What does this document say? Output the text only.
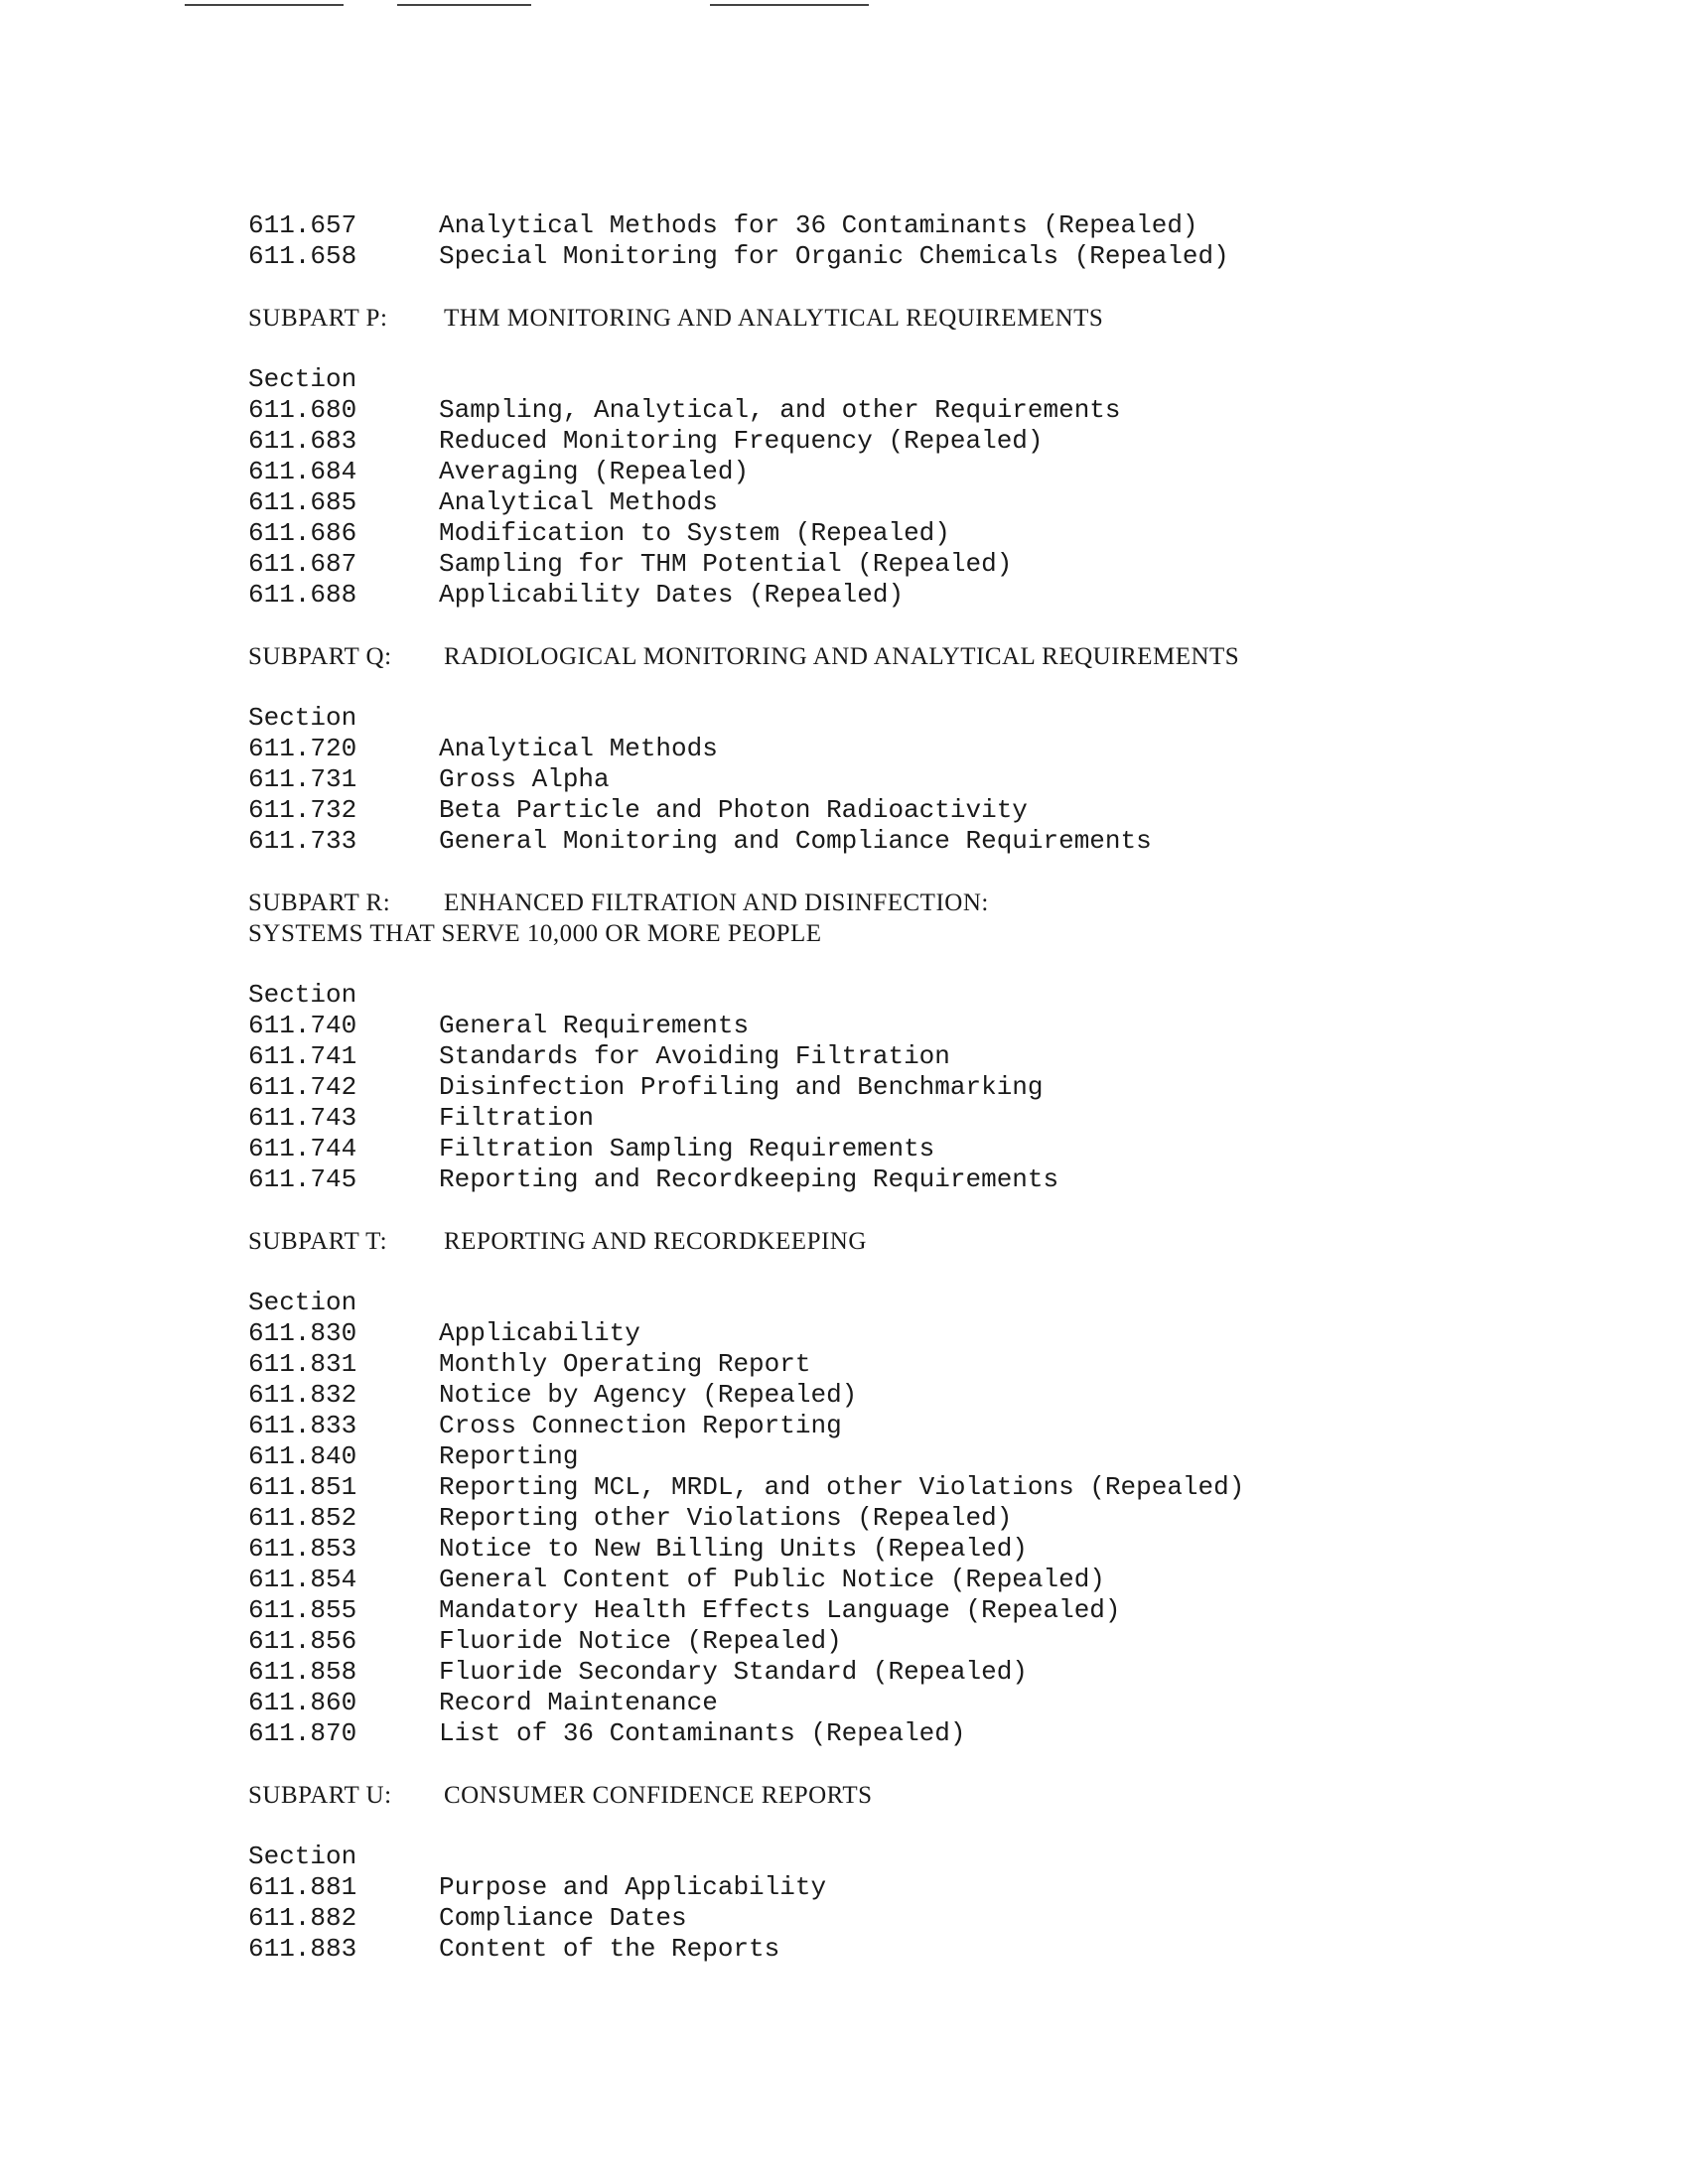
611.657	Analytical Methods for 36 Contaminants (Repealed)
611.658	Special Monitoring for Organic Chemicals (Repealed)
SUBPART P:	THM MONITORING AND ANALYTICAL REQUIREMENTS
Section
611.680	Sampling, Analytical, and other Requirements
611.683	Reduced Monitoring Frequency (Repealed)
611.684	Averaging (Repealed)
611.685	Analytical Methods
611.686	Modification to System (Repealed)
611.687	Sampling for THM Potential (Repealed)
611.688	Applicability Dates (Repealed)
SUBPART Q:	RADIOLOGICAL MONITORING AND ANALYTICAL REQUIREMENTS
Section
611.720	Analytical Methods
611.731	Gross Alpha
611.732	Beta Particle and Photon Radioactivity
611.733	General Monitoring and Compliance Requirements
SUBPART R:	ENHANCED FILTRATION AND DISINFECTION:
SYSTEMS THAT SERVE 10,000 OR MORE PEOPLE
Section
611.740	General Requirements
611.741	Standards for Avoiding Filtration
611.742	Disinfection Profiling and Benchmarking
611.743	Filtration
611.744	Filtration Sampling Requirements
611.745	Reporting and Recordkeeping Requirements
SUBPART T:	REPORTING AND RECORDKEEPING
Section
611.830	Applicability
611.831	Monthly Operating Report
611.832	Notice by Agency (Repealed)
611.833	Cross Connection Reporting
611.840	Reporting
611.851	Reporting MCL, MRDL, and other Violations (Repealed)
611.852	Reporting other Violations (Repealed)
611.853	Notice to New Billing Units (Repealed)
611.854	General Content of Public Notice (Repealed)
611.855	Mandatory Health Effects Language (Repealed)
611.856	Fluoride Notice (Repealed)
611.858	Fluoride Secondary Standard (Repealed)
611.860	Record Maintenance
611.870	List of 36 Contaminants (Repealed)
SUBPART U:	CONSUMER CONFIDENCE REPORTS
Section
611.881	Purpose and Applicability
611.882	Compliance Dates
611.883	Content of the Reports
